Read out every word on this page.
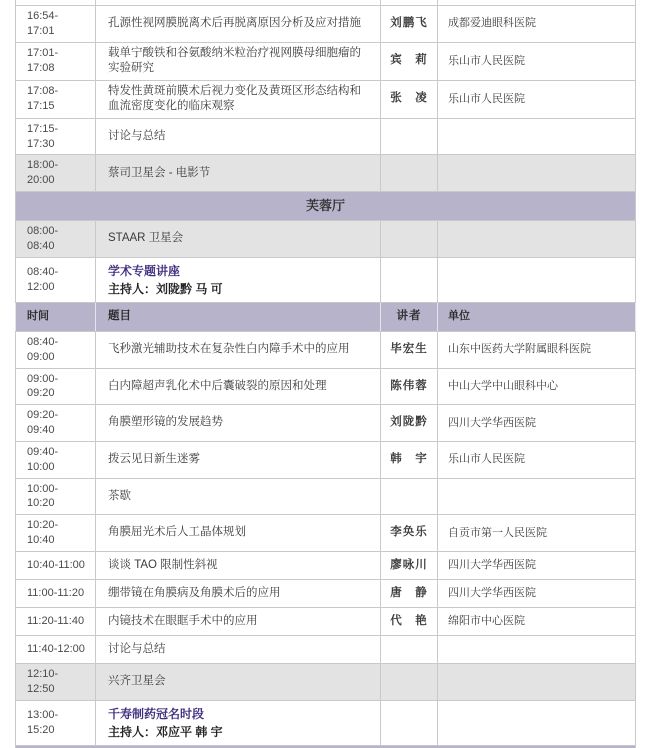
16:54-17:01	孔源性视网膜脱离术后再脱离原因分析及应对措施	刘鹏飞	成都爱迪眼科医院
17:01-17:08	载单宁酸铁和谷氨酸纳米粒治疗视网膜母细胞瘤的实验研究	宾　莉	乐山市人民医院
17:08-17:15	特发性黄斑前膜术后视力变化及黄斑区形态结构和血流密度变化的临床观察	张　凌	乐山市人民医院
17:15-17:30	讨论与总结		
18:00-20:00	蔡司卫星会 - 电影节		
芙蓉厅			
08:00-08:40	STAAR 卫星会		
08:40-12:00	学术专题讲座
主持人：刘陇黔 马 可		

时间	题目	讲者	单位
08:40-09:00	飞秒激光辅助技术在复杂性白内障手术中的应用	毕宏生	山东中医药大学附属眼科医院
09:00-09:20	白内障超声乳化术中后囊破裂的原因和处理	陈伟蓉	中山大学中山眼科中心
09:20-09:40	角膜塑形镜的发展趋势	刘陇黔	四川大学华西医院
09:40-10:00	拨云见日新生迷雾	韩　宇	乐山市人民医院
10:00-10:20	茶歇		
10:20-10:40	角膜屈光术后人工晶体规划	李奂乐	自贡市第一人民医院
10:40-11:00	谈谈 TAO 限制性斜视	廖咏川	四川大学华西医院
11:00-11:20	绷带镜在角膜病及角膜术后的应用	唐　静	四川大学华西医院
11:20-11:40	内镜技术在眼眶手术中的应用	代　艳	绵阳市中心医院
11:40-12:00	讨论与总结		
12:10-12:50	兴齐卫星会		
13:00-15:20	千寿制药冠名时段
主持人：邓应平 韩 宇		
